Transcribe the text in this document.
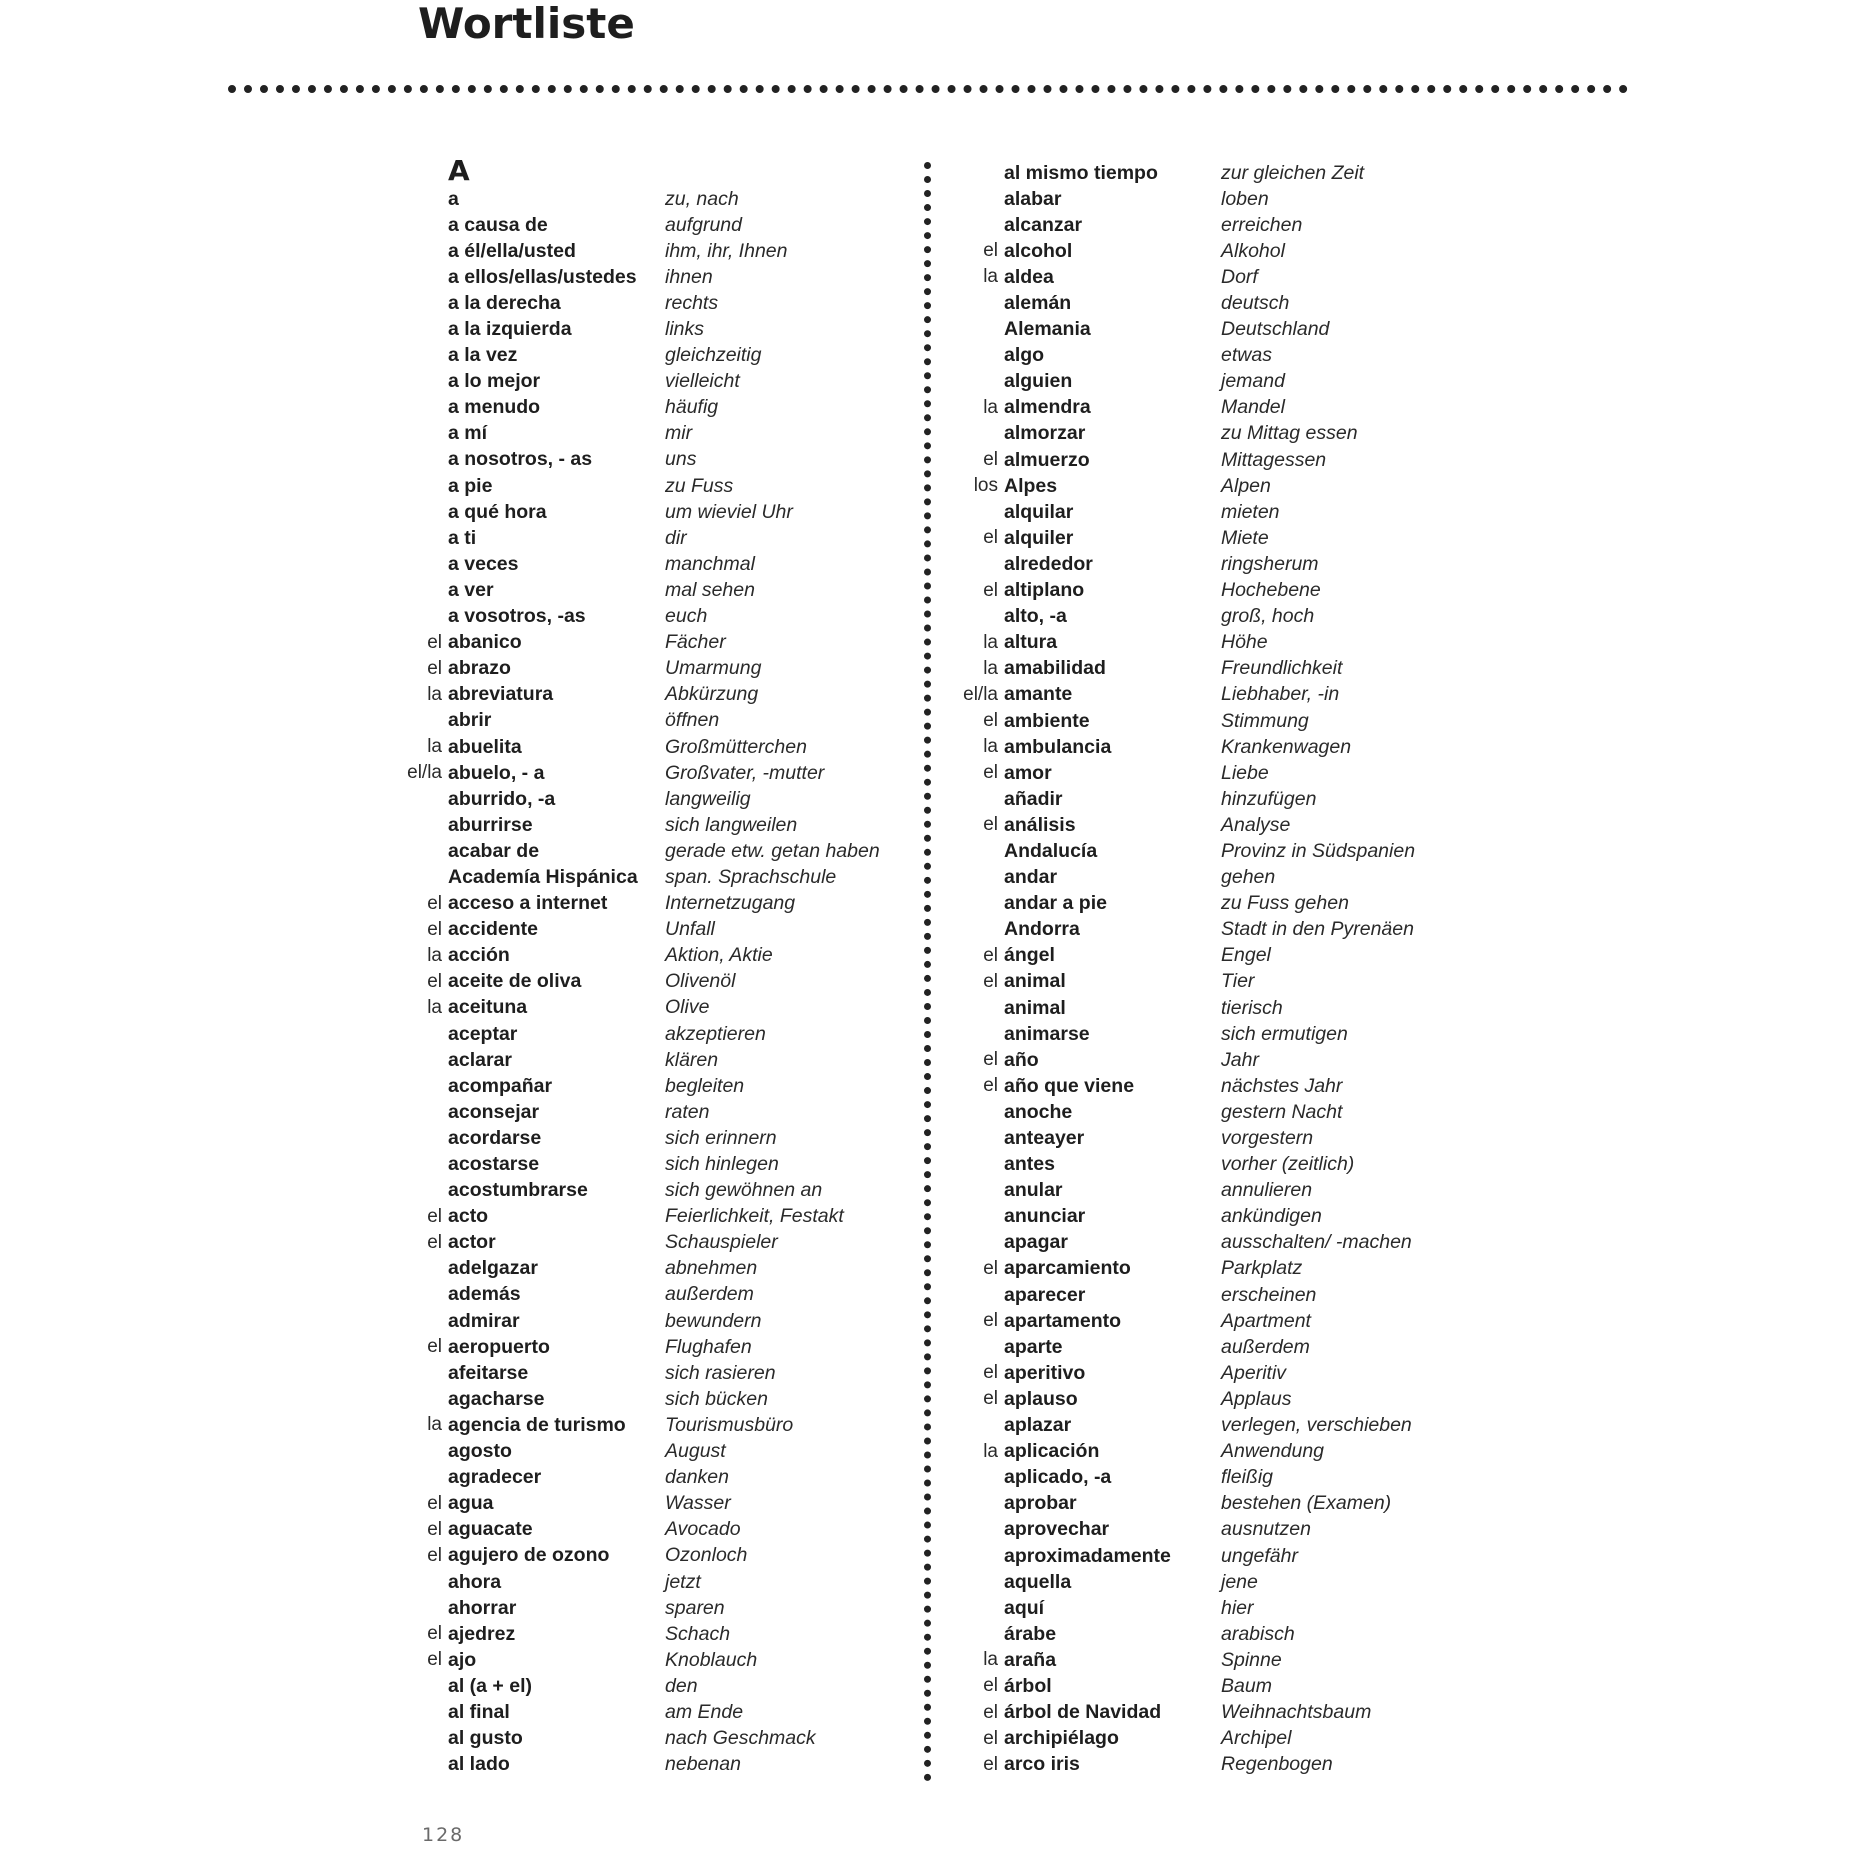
Wortliste
A
a	zu, nach
a causa de	aufgrund
a él/ella/usted	ihm, ihr, Ihnen
a ellos/ellas/ustedes	ihnen
a la derecha	rechts
a la izquierda	links
a la vez	gleichzeitig
a lo mejor	vielleicht
a menudo	häufig
a mí	mir
a nosotros, - as	uns
a pie	zu Fuss
a qué hora	um wieviel Uhr
a ti	dir
a veces	manchmal
a ver	mal sehen
a vosotros, -as	euch
el abanico	Fächer
el abrazo	Umarmung
la abreviatura	Abkürzung
abrir	öffnen
la abuelita	Großmütterchen
el/la abuelo, - a	Großvater, -mutter
aburrido, -a	langweilig
aburrirse	sich langweilen
acabar de	gerade etw. getan haben
Academía Hispánica	span. Sprachschule
el acceso a internet	Internetzugang
el accidente	Unfall
la acción	Aktion, Aktie
el aceite de oliva	Olivenöl
la aceituna	Olive
aceptar	akzeptieren
aclarar	klären
acompañar	begleiten
aconsejar	raten
acordarse	sich erinnern
acostarse	sich hinlegen
acostumbrarse	sich gewöhnen an
el acto	Feierlichkeit, Festakt
el actor	Schauspieler
adelgazar	abnehmen
además	außerdem
admirar	bewundern
el aeropuerto	Flughafen
afeitarse	sich rasieren
agacharse	sich bücken
la agencia de turismo	Tourismusbüro
agosto	August
agradecer	danken
el agua	Wasser
el aguacate	Avocado
el agujero de ozono	Ozonloch
ahora	jetzt
ahorrar	sparen
el ajedrez	Schach
el ajo	Knoblauch
al (a + el)	den
al final	am Ende
al gusto	nach Geschmack
al lado	nebenan
al mismo tiempo	zur gleichen Zeit
alabar	loben
alcanzar	erreichen
el alcohol	Alkohol
la aldea	Dorf
alemán	deutsch
Alemania	Deutschland
algo	etwas
alguien	jemand
la almendra	Mandel
almorzar	zu Mittag essen
el almuerzo	Mittagessen
los Alpes	Alpen
alquilar	mieten
el alquiler	Miete
alrededor	ringsherum
el altiplano	Hochebene
alto, -a	groß, hoch
la altura	Höhe
la amabilidad	Freundlichkeit
el/la amante	Liebhaber, -in
el ambiente	Stimmung
la ambulancia	Krankenwagen
el amor	Liebe
añadir	hinzufügen
el análisis	Analyse
Andalucía	Provinz in Südspanien
andar	gehen
andar a pie	zu Fuss gehen
Andorra	Stadt in den Pyrenäen
el ángel	Engel
el animal	Tier
animal	tierisch
animarse	sich ermutigen
el año	Jahr
el año que viene	nächstes Jahr
anoche	gestern Nacht
anteayer	vorgestern
antes	vorher (zeitlich)
anular	annulieren
anunciar	ankündigen
apagar	ausschalten/ -machen
el aparcamiento	Parkplatz
aparecer	erscheinen
el apartamento	Apartment
aparte	außerdem
el aperitivo	Aperitiv
el aplauso	Applaus
aplazar	verlegen, verschieben
la aplicación	Anwendung
aplicado, -a	fleißig
aprobar	bestehen (Examen)
aprovechar	ausnutzen
aproximadamente	ungefähr
aquella	jene
aquí	hier
árabe	arabisch
la araña	Spinne
el árbol	Baum
el árbol de Navidad	Weihnachtsbaum
el archipiélago	Archipel
el arco iris	Regenbogen
128
